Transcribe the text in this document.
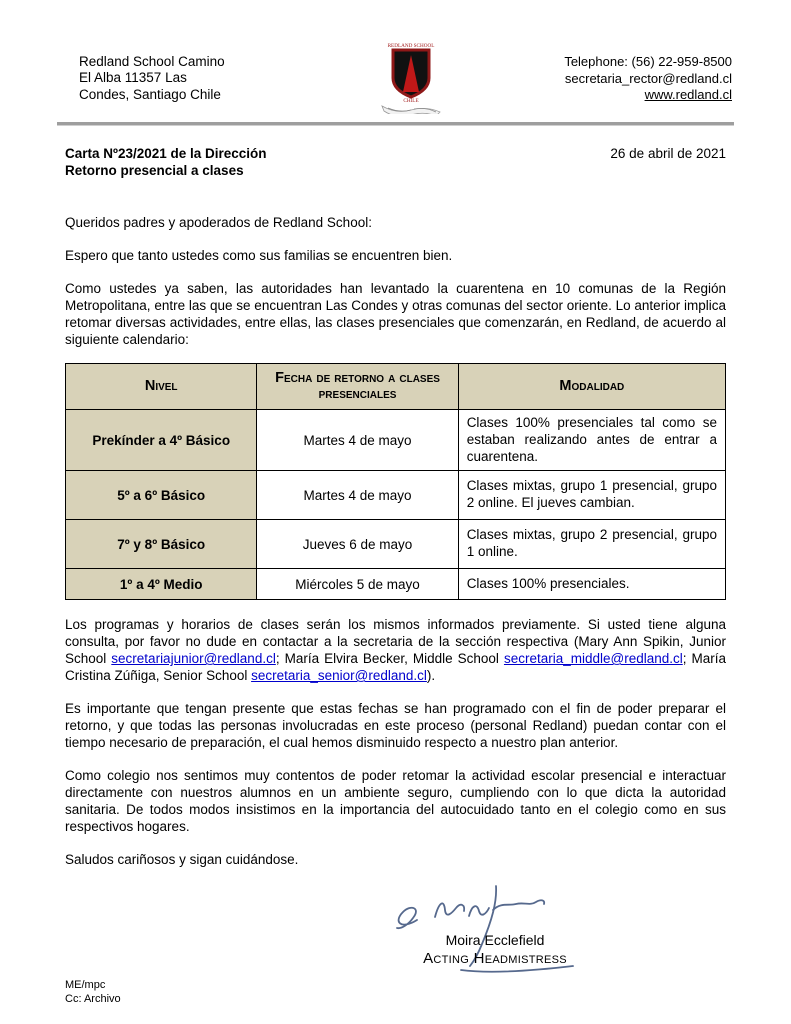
Redland School Camino
El Alba 11357 Las
Condes, Santiago Chile
REDLAND SCHOOL
CHILE
Telephone: (56) 22-959-8500
secretaria_rector@redland.cl
www.redland.cl
Carta Nº23/2021 de la Dirección
Retorno presencial a clases
26 de abril de 2021

Queridos padres y apoderados de Redland School:

Espero que tanto ustedes como sus familias se encuentren bien.

Como ustedes ya saben, las autoridades han levantado la cuarentena en 10 comunas de la Región Metropolitana, entre las que se encuentran Las Condes y otras comunas del sector oriente. Lo anterior implica retomar diversas actividades, entre ellas, las clases presenciales que comenzarán, en Redland, de acuerdo al siguiente calendario:

Nivel	Fecha de retorno a clases presenciales	Modalidad
Prekínder a 4º Básico	Martes 4 de mayo	Clases 100% presenciales tal como se estaban realizando antes de entrar a cuarentena.
5º a 6º Básico	Martes 4 de mayo	Clases mixtas, grupo 1 presencial, grupo 2 online. El jueves cambian.
7º y 8º Básico	Jueves 6 de mayo	Clases mixtas, grupo 2 presencial, grupo 1 online.
1º a 4º Medio	Miércoles 5 de mayo	Clases 100% presenciales.

Los programas y horarios de clases serán los mismos informados previamente. Si usted tiene alguna consulta, por favor no dude en contactar a la secretaria de la sección respectiva (Mary Ann Spikin, Junior School secretariajunior@redland.cl; María Elvira Becker, Middle School secretaria_middle@redland.cl; María Cristina Zúñiga, Senior School secretaria_senior@redland.cl).

Es importante que tengan presente que estas fechas se han programado con el fin de poder preparar el retorno, y que todas las personas involucradas en este proceso (personal Redland) puedan contar con el tiempo necesario de preparación, el cual hemos disminuido respecto a nuestro plan anterior.

Como colegio nos sentimos muy contentos de poder retomar la actividad escolar presencial e interactuar directamente con nuestros alumnos en un ambiente seguro, cumpliendo con lo que dicta la autoridad sanitaria. De todos modos insistimos en la importancia del autocuidado tanto en el colegio como en sus respectivos hogares.

Saludos cariñosos y sigan cuidándose.

Moira Ecclefield
Acting Headmistress
ME/mpc
Cc: Archivo
